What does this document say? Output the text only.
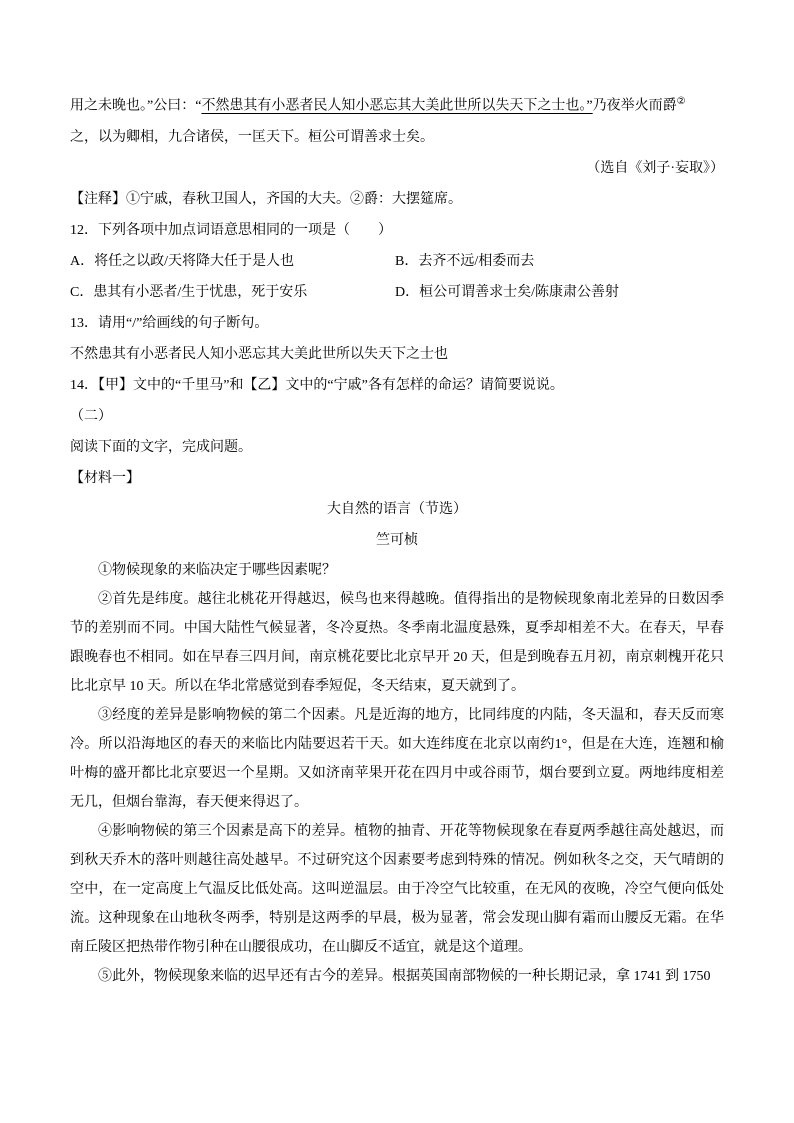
用之未晚也。”公曰：“不然患其有小恶者民人知小恶忘其大美此世所以失天下之士也。”乃夜举火而爵②

之，以为卿相，九合诸侯，一匡天下。桓公可谓善求士矣。

（选自《刘子·妄取》）

【注释】①宁戚，春秋卫国人，齐国的大夫。②爵：大摆筵席。

12．下列各项中加点词语意思相同的一项是（　　）

A．将任之以政/天将降大任于是人也	B．去齐不远/相委而去
C．患其有小恶者/生于忧患，死于安乐	D．桓公可谓善求士矣/陈康肃公善射

13．请用“/”给画线的句子断句。

不然患其有小恶者民人知小恶忘其大美此世所以失天下之士也

14．【甲】文中的“千里马”和【乙】文中的“宁戚”各有怎样的命运？请简要说说。

（二）

阅读下面的文字，完成问题。

【材料一】

大自然的语言（节选）

竺可桢

①物候现象的来临决定于哪些因素呢？

②首先是纬度。越往北桃花开得越迟，候鸟也来得越晚。值得指出的是物候现象南北差异的日数因季节的差别而不同。中国大陆性气候显著，冬冷夏热。冬季南北温度悬殊，夏季却相差不大。在春天，早春跟晚春也不相同。如在早春三四月间，南京桃花要比北京早开 20 天，但是到晚春五月初，南京刺槐开花只比北京早 10 天。所以在华北常感觉到春季短促，冬天结束，夏天就到了。

③经度的差异是影响物候的第二个因素。凡是近海的地方，比同纬度的内陆，冬天温和，春天反而寒冷。所以沿海地区的春天的来临比内陆要迟若干天。如大连纬度在北京以南约1°，但是在大连，连翘和榆叶梅的盛开都比北京要迟一个星期。又如济南苹果开花在四月中或谷雨节，烟台要到立夏。两地纬度相差无几，但烟台靠海，春天便来得迟了。

④影响物候的第三个因素是高下的差异。植物的抽青、开花等物候现象在春夏两季越往高处越迟，而到秋天乔木的落叶则越往高处越早。不过研究这个因素要考虑到特殊的情况。例如秋冬之交，天气晴朗的空中，在一定高度上气温反比低处高。这叫逆温层。由于冷空气比较重，在无风的夜晚，冷空气便向低处流。这种现象在山地秋冬两季，特别是这两季的早晨，极为显著，常会发现山脚有霜而山腰反无霜。在华南丘陵区把热带作物引种在山腰很成功，在山脚反不适宜，就是这个道理。

⑤此外，物候现象来临的迟早还有古今的差异。根据英国南部物候的一种长期记录，拿 1741 到 1750
